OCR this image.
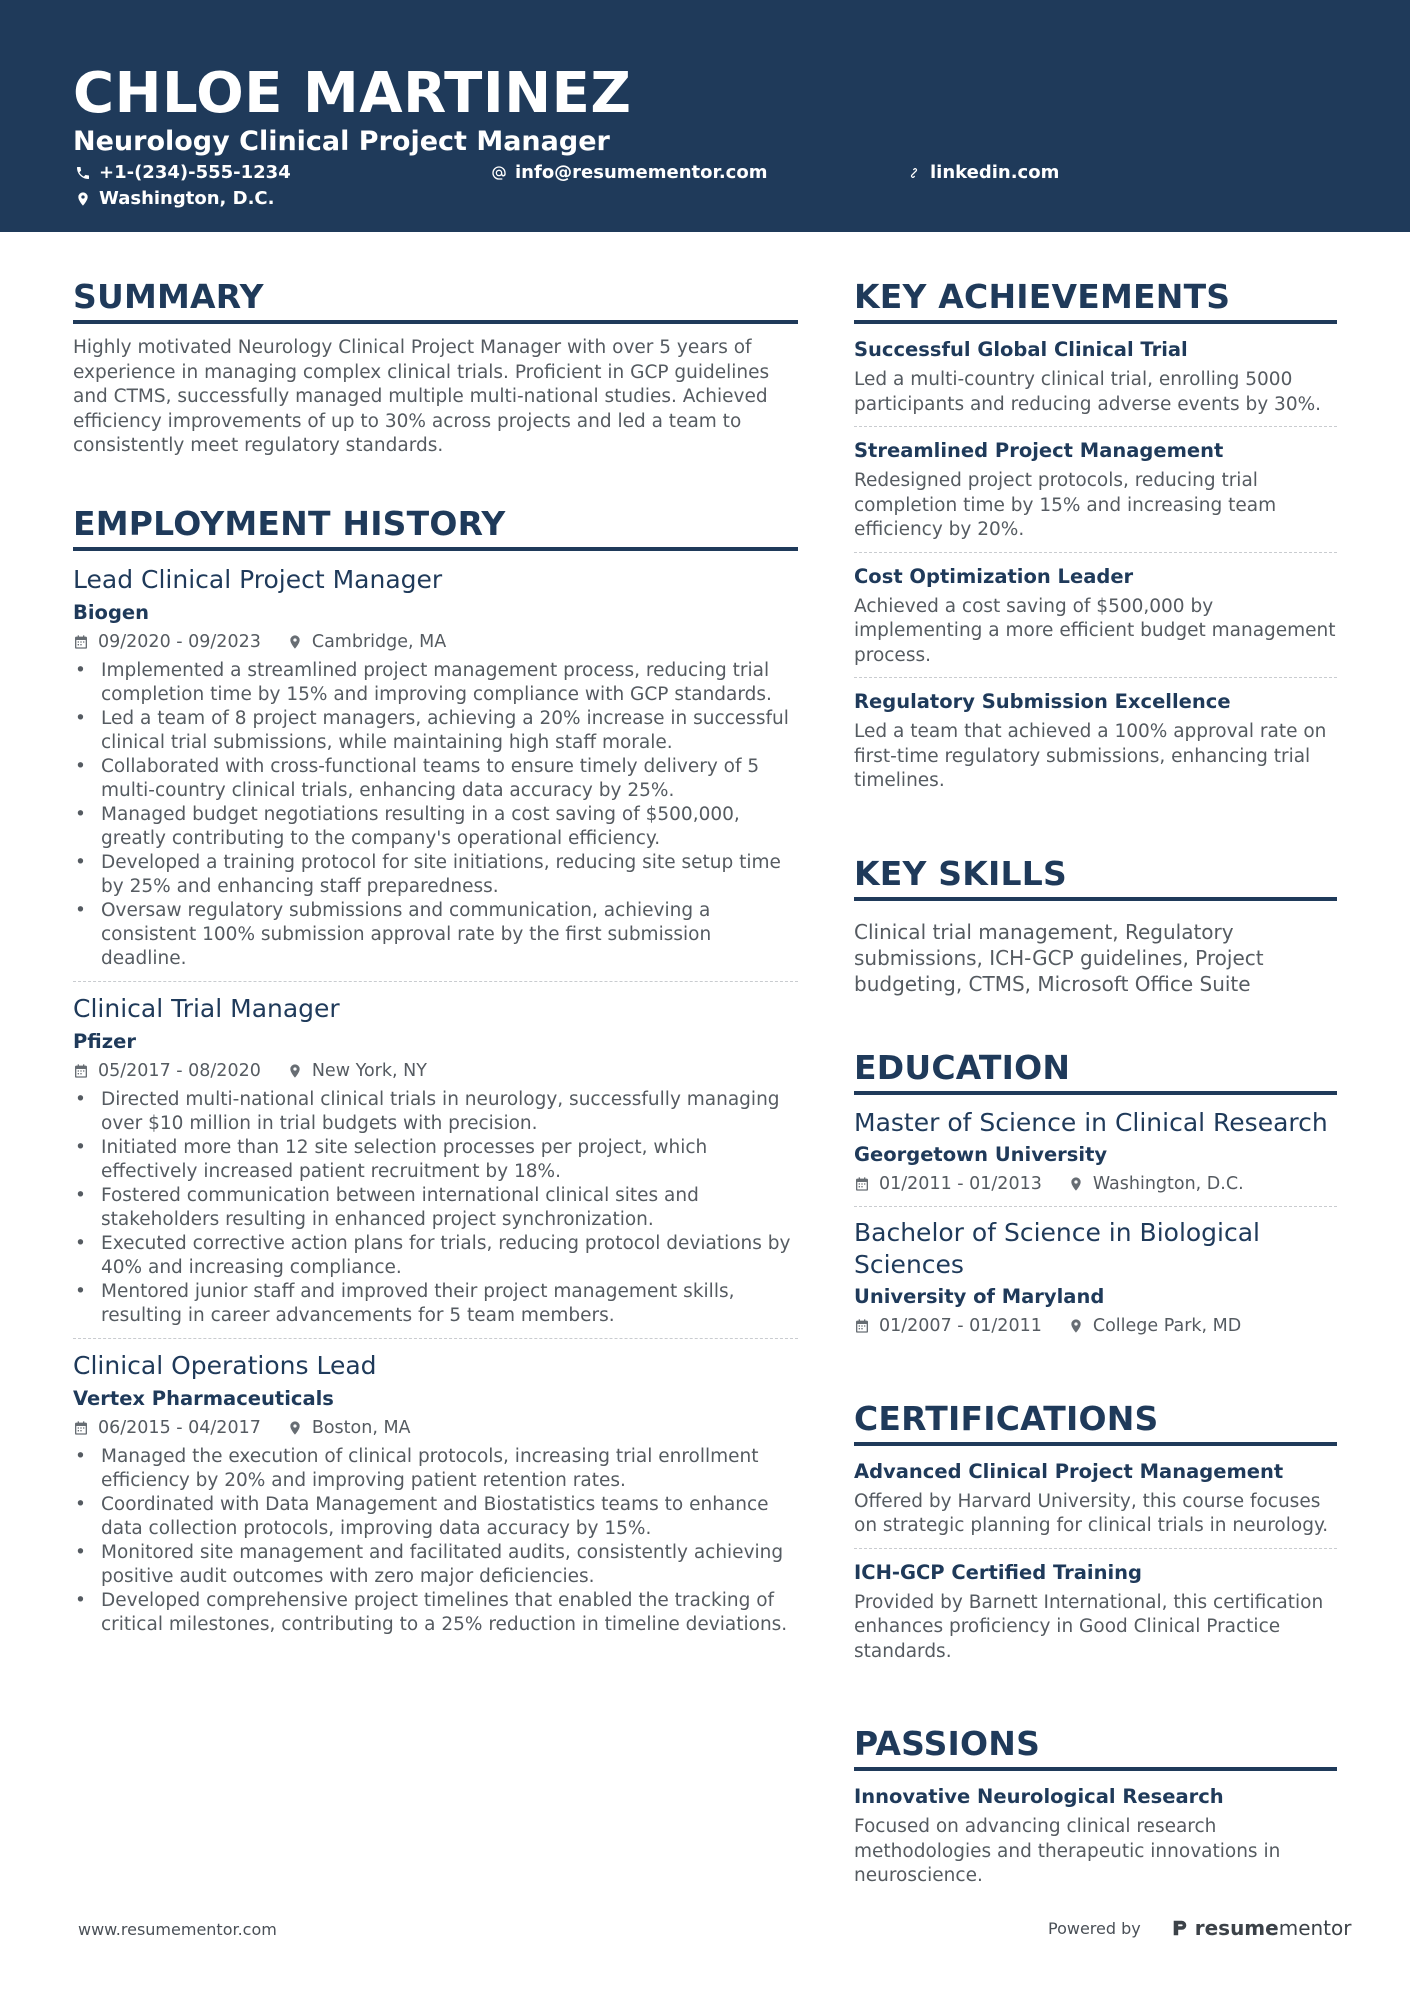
CHLOE MARTINEZ
Neurology Clinical Project Manager
+1-(234)-555-1234	info@resumementor.com	linkedin.com
Washington, D.C.
SUMMARY

Highly motivated Neurology Clinical Project Manager with over 5 years of experience in managing complex clinical trials. Proficient in GCP guidelines and CTMS, successfully managed multiple multi-national studies. Achieved efficiency improvements of up to 30% across projects and led a team to consistently meet regulatory standards.

EMPLOYMENT HISTORY

Lead Clinical Project Manager

Biogen

09/2020 - 09/2023	Cambridge, MA
• Implemented a streamlined project management process, reducing trial completion time by 15% and improving compliance with GCP standards.
• Led a team of 8 project managers, achieving a 20% increase in successful clinical trial submissions, while maintaining high staff morale.
• Collaborated with cross-functional teams to ensure timely delivery of 5 multi-country clinical trials, enhancing data accuracy by 25%.
• Managed budget negotiations resulting in a cost saving of $500,000, greatly contributing to the company's operational efficiency.
• Developed a training protocol for site initiations, reducing site setup time by 25% and enhancing staff preparedness.
• Oversaw regulatory submissions and communication, achieving a consistent 100% submission approval rate by the first submission deadline.

Clinical Trial Manager

Pfizer

05/2017 - 08/2020	New York, NY
• Directed multi-national clinical trials in neurology, successfully managing over $10 million in trial budgets with precision.
• Initiated more than 12 site selection processes per project, which effectively increased patient recruitment by 18%.
• Fostered communication between international clinical sites and stakeholders resulting in enhanced project synchronization.
• Executed corrective action plans for trials, reducing protocol deviations by 40% and increasing compliance.
• Mentored junior staff and improved their project management skills, resulting in career advancements for 5 team members.

Clinical Operations Lead

Vertex Pharmaceuticals

06/2015 - 04/2017	Boston, MA
• Managed the execution of clinical protocols, increasing trial enrollment efficiency by 20% and improving patient retention rates.
• Coordinated with Data Management and Biostatistics teams to enhance data collection protocols, improving data accuracy by 15%.
• Monitored site management and facilitated audits, consistently achieving positive audit outcomes with zero major deficiencies.
• Developed comprehensive project timelines that enabled the tracking of critical milestones, contributing to a 25% reduction in timeline deviations.
KEY ACHIEVEMENTS

Successful Global Clinical Trial

Led a multi-country clinical trial, enrolling 5000 participants and reducing adverse events by 30%.

Streamlined Project Management

Redesigned project protocols, reducing trial completion time by 15% and increasing team efficiency by 20%.

Cost Optimization Leader

Achieved a cost saving of $500,000 by implementing a more efficient budget management process.

Regulatory Submission Excellence

Led a team that achieved a 100% approval rate on first-time regulatory submissions, enhancing trial timelines.

KEY SKILLS

Clinical trial management, Regulatory submissions, ICH-GCP guidelines, Project budgeting, CTMS, Microsoft Office Suite

EDUCATION

Master of Science in Clinical Research

Georgetown University

01/2011 - 01/2013	Washington, D.C.

Bachelor of Science in Biological Sciences

University of Maryland

01/2007 - 01/2011	College Park, MD
CERTIFICATIONS

Advanced Clinical Project Management

Offered by Harvard University, this course focuses on strategic planning for clinical trials in neurology.

ICH-GCP Certified Training

Provided by Barnett International, this certification enhances proficiency in Good Clinical Practice standards.

PASSIONS

Innovative Neurological Research

Focused on advancing clinical research methodologies and therapeutic innovations in neuroscience.

www.resumementor.com	Powered by	resume mentor
